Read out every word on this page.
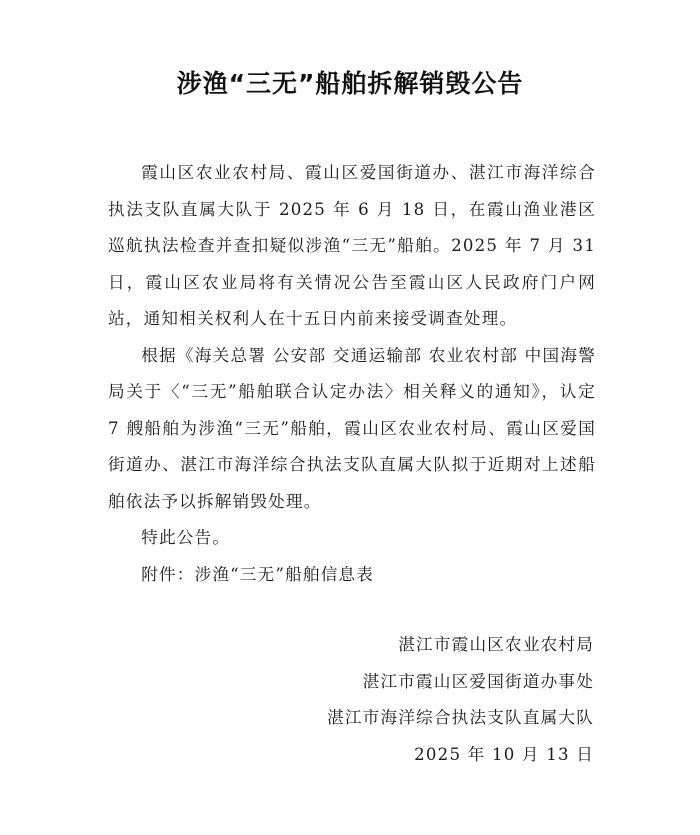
涉渔“三无”船舶拆解销毁公告

霞山区农业农村局、霞山区爱国街道办、湛江市海洋综合执法支队直属大队于 2025 年 6 月 18 日，在霞山渔业港区巡航执法检查并查扣疑似涉渔“三无”船舶。2025 年 7 月 31 日，霞山区农业局将有关情况公告至霞山区人民政府门户网站，通知相关权利人在十五日内前来接受调查处理。

根据《海关总署 公安部 交通运输部 农业农村部 中国海警局关于〈“三无”船舶联合认定办法〉相关释义的通知》，认定 7 艘船舶为涉渔“三无”船舶，霞山区农业农村局、霞山区爱国街道办、湛江市海洋综合执法支队直属大队拟于近期对上述船舶依法予以拆解销毁处理。

特此公告。

附件：涉渔“三无”船舶信息表

湛江市霞山区农业农村局
湛江市霞山区爱国街道办事处
湛江市海洋综合执法支队直属大队
2025 年 10 月 13 日
